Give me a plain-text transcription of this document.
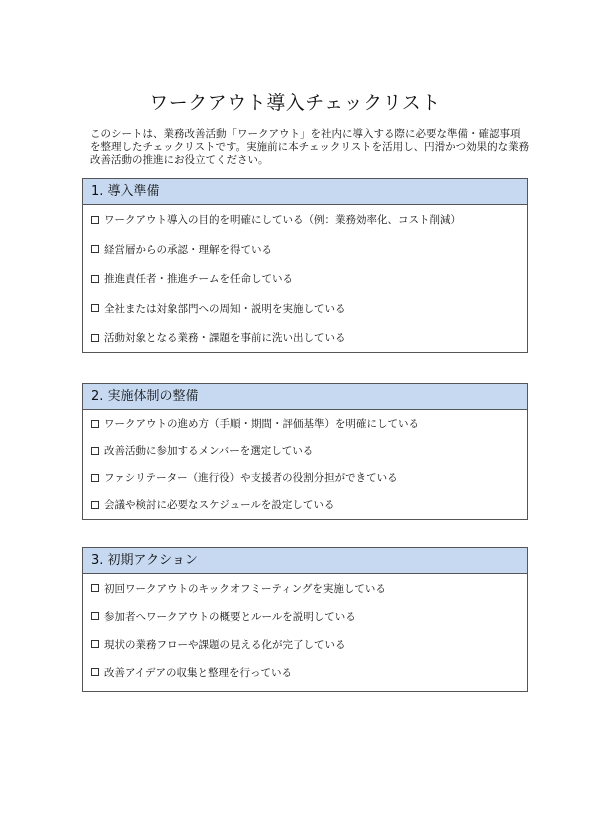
ワークアウト導入チェックリスト
このシートは、業務改善活動「ワークアウト」を社内に導入する際に必要な準備・確認事項を整理したチェックリストです。実施前に本チェックリストを活用し、円滑かつ効果的な業務改善活動の推進にお役立てください。
1. 導入準備
ワークアウト導入の目的を明確にしている（例：業務効率化、コスト削減）
経営層からの承認・理解を得ている
推進責任者・推進チームを任命している
全社または対象部門への周知・説明を実施している
活動対象となる業務・課題を事前に洗い出している
2. 実施体制の整備
ワークアウトの進め方（手順・期間・評価基準）を明確にしている
改善活動に参加するメンバーを選定している
ファシリテーター（進行役）や支援者の役割分担ができている
会議や検討に必要なスケジュールを設定している
3. 初期アクション
初回ワークアウトのキックオフミーティングを実施している
参加者へワークアウトの概要とルールを説明している
現状の業務フローや課題の見える化が完了している
改善アイデアの収集と整理を行っている
